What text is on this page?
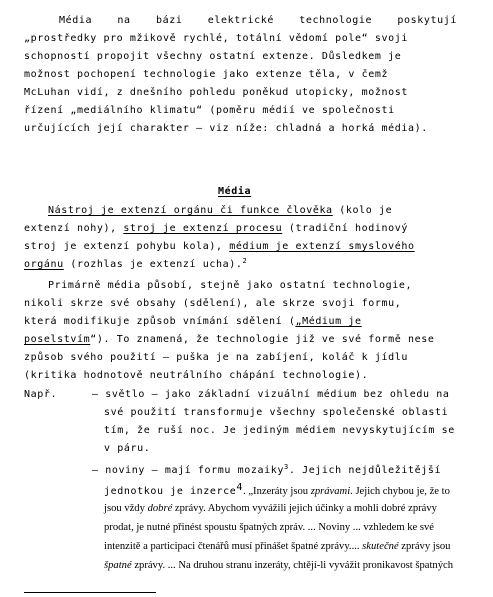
Média	na	bázi	elektrické	technologie	poskytují
„prostředky pro mžikově rychlé, totální vědomí pole“ svoji
schopností propojit všechny ostatní extenze. Důsledkem je
možnost pochopení technologie jako extenze těla, v čemž
McLuhan vidí, z dnešního pohledu poněkud utopicky, možnost
řízení „mediálního klimatu“ (poměru médií ve společnosti
určujících její charakter – viz níže: chladná a horká média).
Média
Nástroj je extenzí orgánu či funkce člověka (kolo je
extenzí nohy), stroj je extenzí procesu (tradiční hodinový
stroj je extenzí pohybu kola), médium je extenzí smyslového
orgánu (rozhlas je extenzí ucha).$^2$
Primárně média působí, stejně jako ostatní technologie,
nikoli skrze své obsahy (sdělení), ale skrze svoji formu,
která modifikuje způsob vnímání sdělení („Médium je
poselstvím“). To znamená, že technologie již ve své formě nese
způsob svého použití – puška je na zabíjení, koláč k jídlu
(kritika hodnotově neutrálního chápání technologie).
Např.	– světlo – jako základní vizuální médium bez ohledu na
své použití transformuje všechny společenské oblasti
tím, že ruší noc. Je jediným médiem nevyskytujícím se
v páru.
– noviny – mají formu mozaiky$^3$. Jejich nejdůležitější
jednotkou je inzerce$^4$. „Inzeráty jsou zprávami. Jejich chybou je, že to
jsou vždy dobré zprávy. Abychom vyvážili jejich účinky a mohli dobré zprávy
prodat, je nutné přinést spoustu špatných zpráv. ... Noviny ... vzhledem ke své
intenzitě a participaci čtenářů musí přinášet špatné zprávy.... skutečné zprávy jsou
špatné zprávy. ... Na druhou stranu inzeráty, chtějí-li vyvážit pronikavost špatných
